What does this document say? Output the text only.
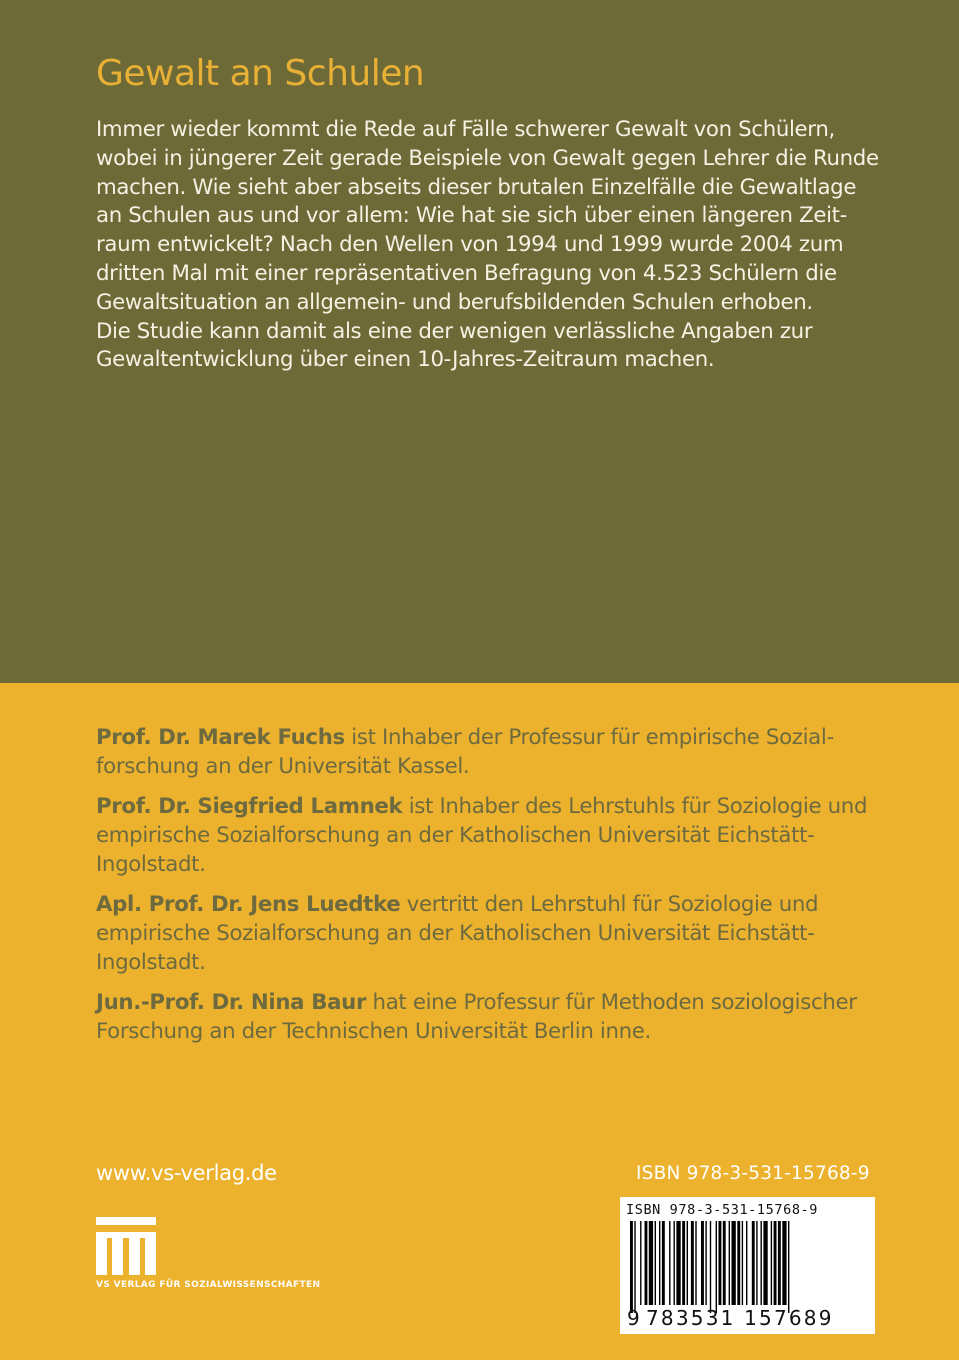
Gewalt an Schulen
Immer wieder kommt die Rede auf Fälle schwerer Gewalt von Schülern,
wobei in jüngerer Zeit gerade Beispiele von Gewalt gegen Lehrer die Runde
machen. Wie sieht aber abseits dieser brutalen Einzelfälle die Gewaltlage
an Schulen aus und vor allem: Wie hat sie sich über einen längeren Zeit-
raum entwickelt? Nach den Wellen von 1994 und 1999 wurde 2004 zum
dritten Mal mit einer repräsentativen Befragung von 4.523 Schülern die
Gewaltsituation an allgemein- und berufsbildenden Schulen erhoben.
Die Studie kann damit als eine der wenigen verlässliche Angaben zur
Gewaltentwicklung über einen 10-Jahres-Zeitraum machen.

Prof. Dr. Marek Fuchs ist Inhaber der Professur für empirische Sozial-
forschung an der Universität Kassel.

Prof. Dr. Siegfried Lamnek ist Inhaber des Lehrstuhls für Soziologie und
empirische Sozialforschung an der Katholischen Universität Eichstätt-
Ingolstadt.

Apl. Prof. Dr. Jens Luedtke vertritt den Lehrstuhl für Soziologie und
empirische Sozialforschung an der Katholischen Universität Eichstätt-
Ingolstadt.

Jun.-Prof. Dr. Nina Baur hat eine Professur für Methoden soziologischer
Forschung an der Technischen Universität Berlin inne.

www.vs-verlag.de	ISBN 978-3-531-15768-9
VS VERLAG FÜR SOZIALWISSENSCHAFTEN
ISBN 978-3-531-15768-9
9 783531 157689
